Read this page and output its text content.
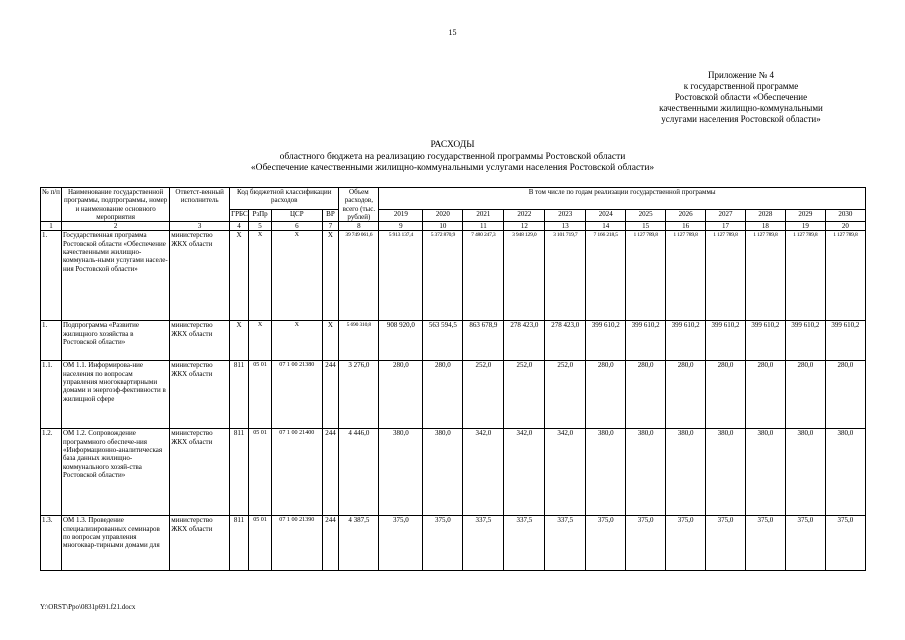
15
Приложение № 4
к государственной программе
Ростовской области «Обеспечение
качественными жилищно-коммунальными
услугами населения Ростовской области»
РАСХОДЫ
областного бюджета на реализацию государственной программы Ростовской области
«Обеспечение качественными жилищно-коммунальными услугами населения Ростовской области»
№ п/п	Наименование государственной программы, подпрограммы, номер и наименование основного мероприятия	Ответст-венный исполнитель	Код бюджетной классификации расходов				Объем расходов, всего (тыс. рублей)	В том числе по годам реализации государственной программы											
			ГРБС	РзПр	ЦСР	ВР		2019	2020	2021	2022	2023	2024	2025	2026	2027	2028	2029	2030
1	2	3	4	5	6	7	8	9	10	11	12	13	14	15	16	17	18	19	20
1.	Государственная программа Ростовской области «Обеспечение качественными жилищно-коммуналь-ными услугами населе-ния Ростовской области»	министерство ЖКХ области	Х	Х	Х	Х	39 749 061,6	5 913 137,4	5 372 870,9	7 480 247,3	3 948 129,0	3 101 719,7	7 166 218,5	1 127 789,8	1 127 789,8	1 127 789,8	1 127 789,8	1 127 789,8	1 127 789,8
1.	Подпрограмма «Развитие жилищного хозяйства в Ростовской области»	министерство ЖКХ области	Х	Х	Х	Х	5 690 310,8	908 920,0	563 594,5	863 678,9	278 423,0	278 423,0	399 610,2	399 610,2	399 610,2	399 610,2	399 610,2	399 610,2	399 610,2
1.1.	ОМ 1.1. Информирова-ние населения по вопросам управления многоквартирными домами и энергоэф-фективности в жилищной сфере	министерство ЖКХ области	811	05 01	07 1 00 21380	244	3 276,0	280,0	280,0	252,0	252,0	252,0	280,0	280,0	280,0	280,0	280,0	280,0	280,0
1.2.	ОМ 1.2. Сопровождение программного обеспече-ния «Информационно-аналитическая база данных жилищно-коммунального хозяй-ства Ростовской области»	министерство ЖКХ области	811	05 01	07 1 00 21400	244	4 446,0	380,0	380,0	342,0	342,0	342,0	380,0	380,0	380,0	380,0	380,0	380,0	380,0
1.3.	ОМ 1.3. Проведение специализированных семинаров по вопросам управления многоквар-тирными домами для	министерство ЖКХ области	811	05 01	07 1 00 21390	244	4 387,5	375,0	375,0	337,5	337,5	337,5	375,0	375,0	375,0	375,0	375,0	375,0	375,0
Y:\ORST\Ppo\0831p691.f21.docx
